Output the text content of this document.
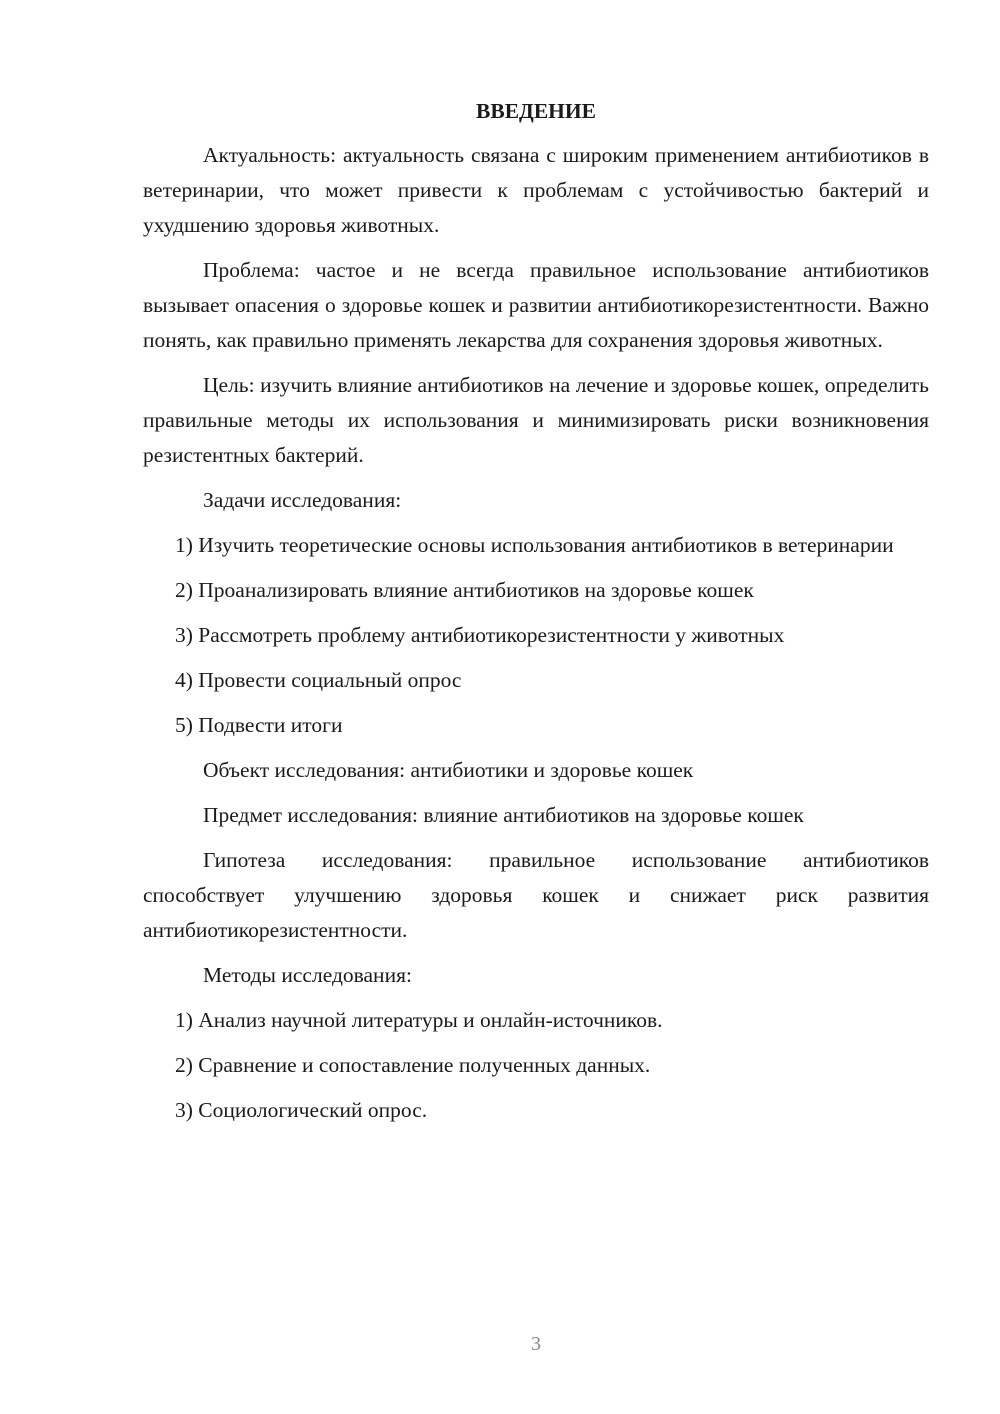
ВВЕДЕНИЕ

Актуальность: актуальность связана с широким применением антибиотиков в ветеринарии, что может привести к проблемам с устойчивостью бактерий и ухудшению здоровья животных.

Проблема: частое и не всегда правильное использование антибиотиков вызывает опасения о здоровье кошек и развитии антибиотикорезистентности. Важно понять, как правильно применять лекарства для сохранения здоровья животных.

Цель: изучить влияние антибиотиков на лечение и здоровье кошек, определить правильные методы их использования и минимизировать риски возникновения резистентных бактерий.

Задачи исследования:

1) Изучить теоретические основы использования антибиотиков в ветеринарии

2) Проанализировать влияние антибиотиков на здоровье кошек

3) Рассмотреть проблему антибиотикорезистентности у животных

4) Провести социальный опрос

5) Подвести итоги

Объект исследования: антибиотики и здоровье кошек

Предмет исследования: влияние антибиотиков на здоровье кошек

Гипотеза исследования: правильное использование антибиотиков способствует улучшению здоровья кошек и снижает риск развития антибиотикорезистентности.

Методы исследования:

1) Анализ научной литературы и онлайн-источников.

2) Сравнение и сопоставление полученных данных.

3) Социологический опрос.

3
